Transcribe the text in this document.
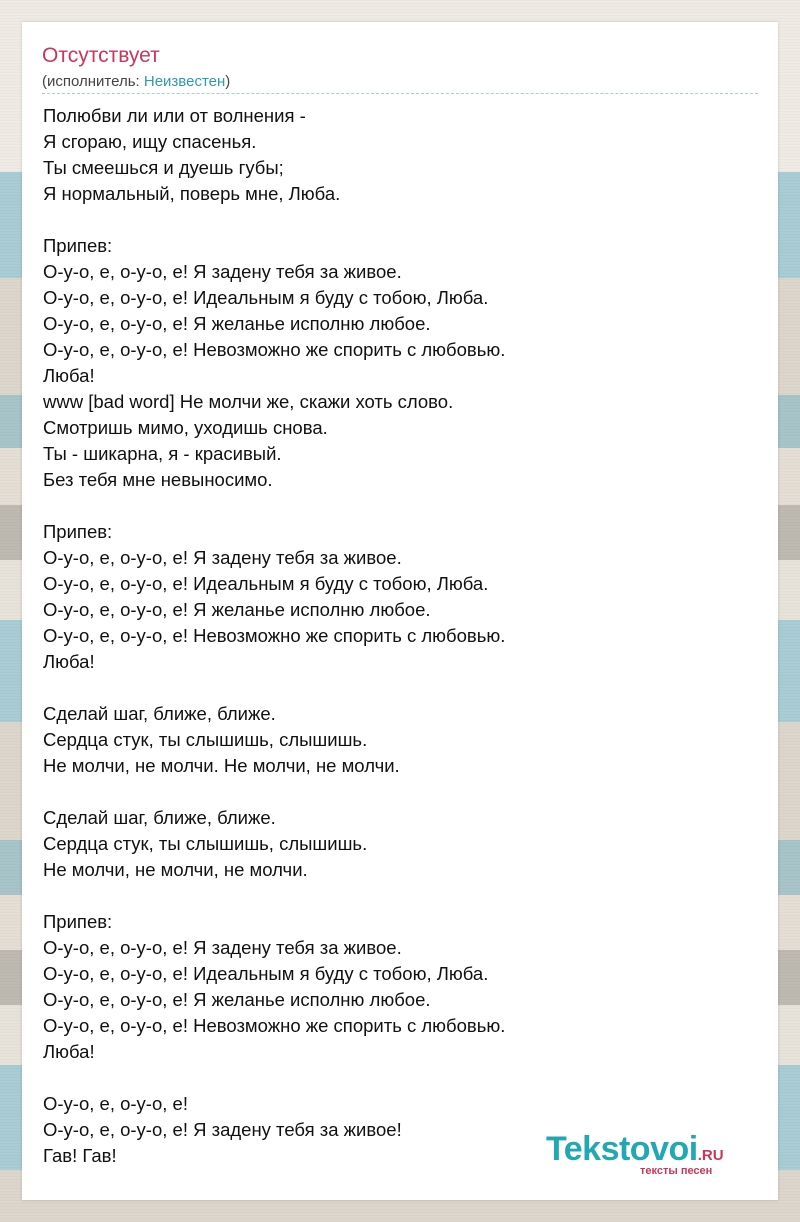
Отсутствует
(исполнитель: Неизвестен)
Полюбви ли или от волнения -
Я сгораю, ищу спасенья.
Ты смеешься и дуешь губы;
Я нормальный, поверь мне, Люба.
Припев:
О-у-о, е, о-у-о, е! Я задену тебя за живое.
О-у-о, е, о-у-о, е! Идеальным я буду с тобою, Люба.
О-у-о, е, о-у-о, е! Я желанье исполню любое.
О-у-о, е, о-у-о, е! Невозможно же спорить с любовью.
Люба!
www [bad word] Не молчи же, скажи хоть слово.
Смотришь мимо, уходишь снова.
Ты - шикарна, я - красивый.
Без тебя мне невыносимо.
Припев:
О-у-о, е, о-у-о, е! Я задену тебя за живое.
О-у-о, е, о-у-о, е! Идеальным я буду с тобою, Люба.
О-у-о, е, о-у-о, е! Я желанье исполню любое.
О-у-о, е, о-у-о, е! Невозможно же спорить с любовью.
Люба!
Сделай шаг, ближе, ближе.
Сердца стук, ты слышишь, слышишь.
Не молчи, не молчи. Не молчи, не молчи.
Сделай шаг, ближе, ближе.
Сердца стук, ты слышишь, слышишь.
Не молчи, не молчи, не молчи.
Припев:
О-у-о, е, о-у-о, е! Я задену тебя за живое.
О-у-о, е, о-у-о, е! Идеальным я буду с тобою, Люба.
О-у-о, е, о-у-о, е! Я желанье исполню любое.
О-у-о, е, о-у-о, е! Невозможно же спорить с любовью.
Люба!
О-у-о, е, о-у-о, е!
О-у-о, е, о-у-о, е! Я задену тебя за живое!
Гав! Гав!	Tekstovoi.RU
тексты песен
